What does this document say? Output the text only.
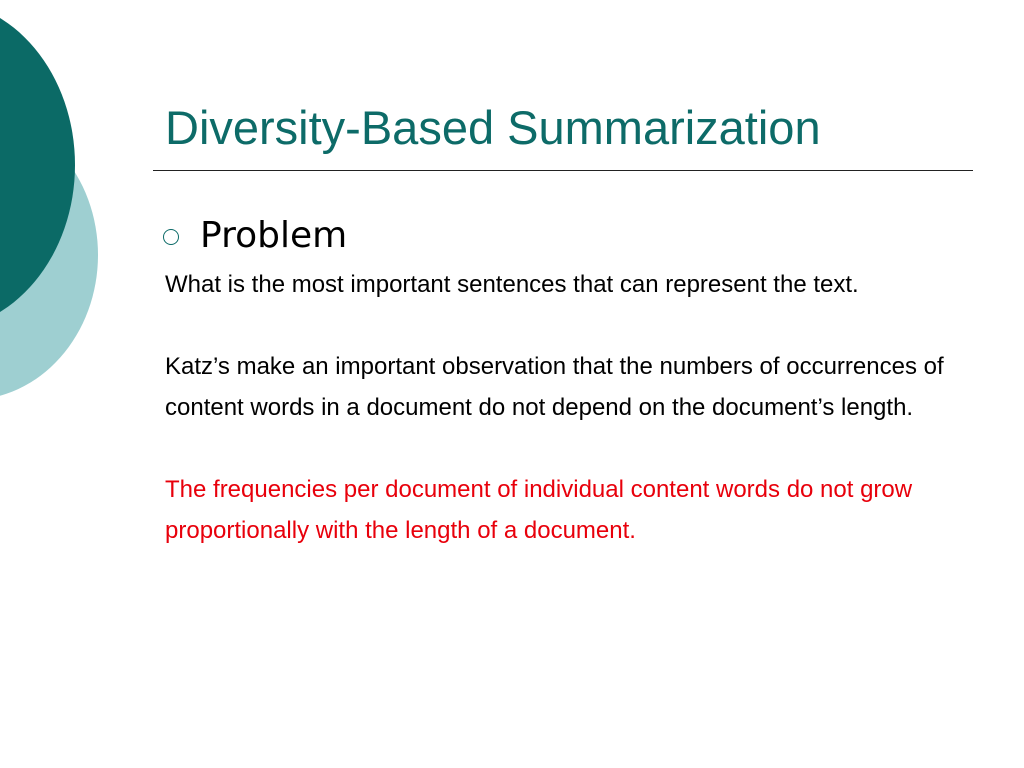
Diversity-Based Summarization
Problem

What is the most important sentences that can represent the text.

Katz’s make an important observation that the numbers of occurrences of content words in a document do not depend on the document’s length.

The frequencies per document of individual content words do not grow proportionally with the length of a document.
